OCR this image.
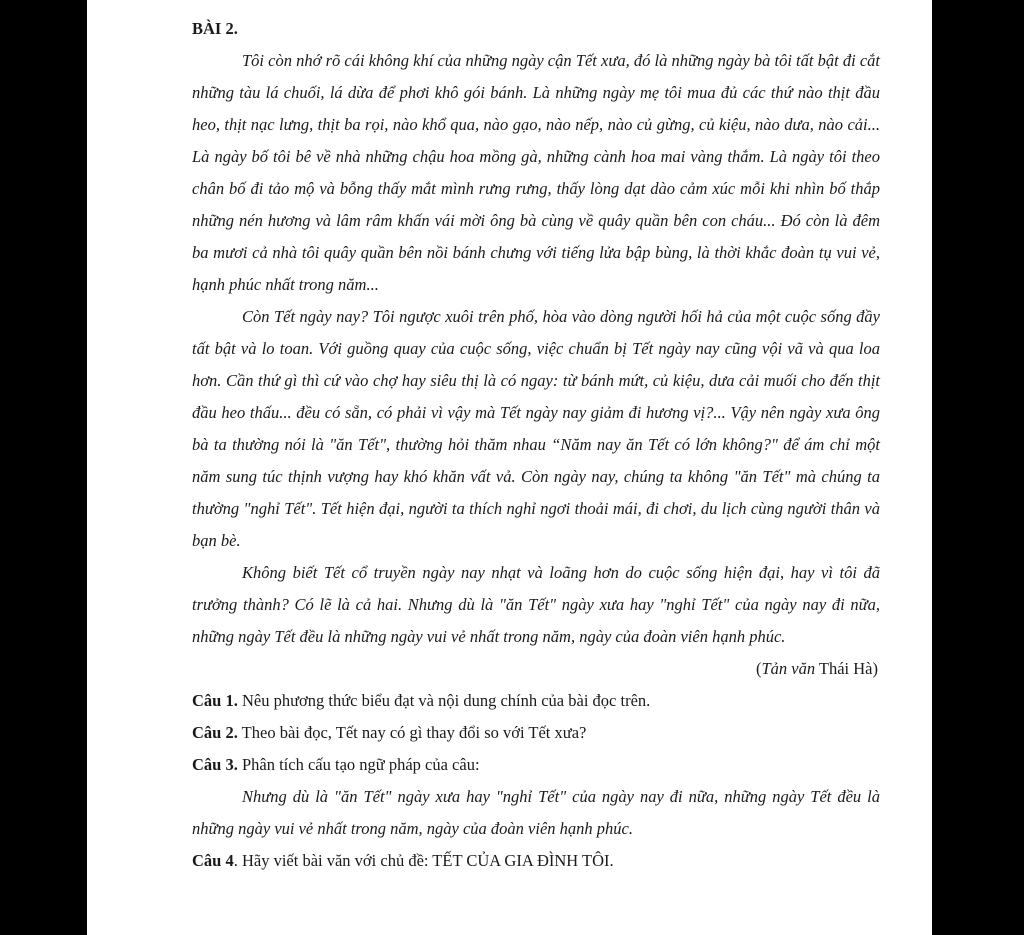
BÀI 2.

Tôi còn nhớ rõ cái không khí của những ngày cận Tết xưa, đó là những ngày bà tôi tất bật đi cắt những tàu lá chuối, lá dừa để phơi khô gói bánh. Là những ngày mẹ tôi mua đủ các thứ nào thịt đầu heo, thịt nạc lưng, thịt ba rọi, nào khổ qua, nào gạo, nào nếp, nào củ gừng, củ kiệu, nào dưa, nào cải... Là ngày bố tôi bê về nhà những chậu hoa mồng gà, những cành hoa mai vàng thắm. Là ngày tôi theo chân bố đi tảo mộ và bỗng thấy mắt mình rưng rưng, thấy lòng dạt dào cảm xúc mỗi khi nhìn bố thắp những nén hương và lâm râm khấn vái mời ông bà cùng về quây quần bên con cháu... Đó còn là đêm ba mươi cả nhà tôi quây quần bên nồi bánh chưng với tiếng lửa bập bùng, là thời khắc đoàn tụ vui vẻ, hạnh phúc nhất trong năm...

Còn Tết ngày nay? Tôi ngược xuôi trên phố, hòa vào dòng người hối hả của một cuộc sống đầy tất bật và lo toan. Với guồng quay của cuộc sống, việc chuẩn bị Tết ngày nay cũng vội vã và qua loa hơn. Cần thứ gì thì cứ vào chợ hay siêu thị là có ngay: từ bánh mứt, củ kiệu, dưa cải muối cho đến thịt đầu heo thấu... đều có sẵn, có phải vì vậy mà Tết ngày nay giảm đi hương vị?... Vậy nên ngày xưa ông bà ta thường nói là "ăn Tết", thường hỏi thăm nhau “Năm nay ăn Tết có lớn không?" để ám chỉ một năm sung túc thịnh vượng hay khó khăn vất vả. Còn ngày nay, chúng ta không "ăn Tết" mà chúng ta thường "nghỉ Tết". Tết hiện đại, người ta thích nghỉ ngơi thoải mái, đi chơi, du lịch cùng người thân và bạn bè.

Không biết Tết cổ truyền ngày nay nhạt và loãng hơn do cuộc sống hiện đại, hay vì tôi đã trưởng thành? Có lẽ là cả hai. Nhưng dù là "ăn Tết" ngày xưa hay "nghỉ Tết" của ngày nay đi nữa, những ngày Tết đều là những ngày vui vẻ nhất trong năm, ngày của đoàn viên hạnh phúc.

(Tản văn Thái Hà)

Câu 1. Nêu phương thức biểu đạt và nội dung chính của bài đọc trên.

Câu 2. Theo bài đọc, Tết nay có gì thay đổi so với Tết xưa?

Câu 3. Phân tích cấu tạo ngữ pháp của câu:

Nhưng dù là "ăn Tết" ngày xưa hay "nghỉ Tết" của ngày nay đi nữa, những ngày Tết đều là những ngày vui vẻ nhất trong năm, ngày của đoàn viên hạnh phúc.

Câu 4. Hãy viết bài văn với chủ đề: TẾT CỦA GIA ĐÌNH TÔI.
